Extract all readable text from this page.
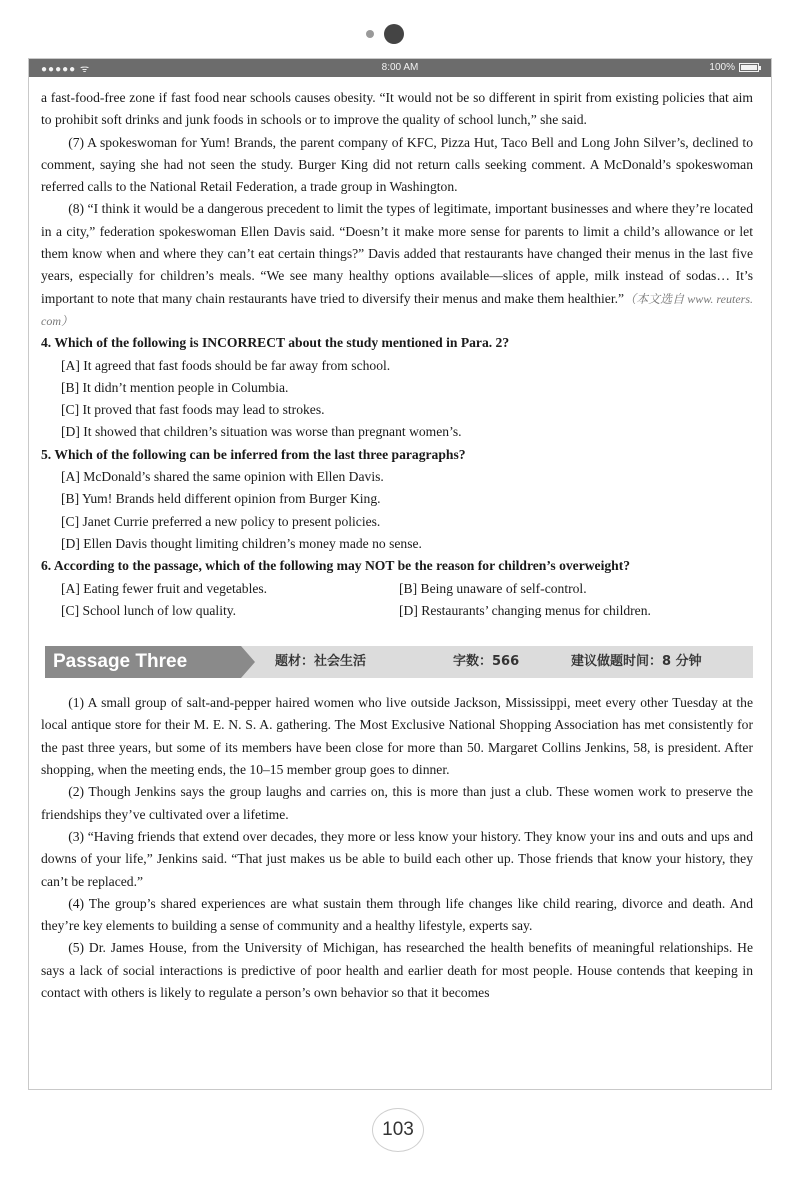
●●●●● ᯤ	8:00 AM	100%

a fast-food-free zone if fast food near schools causes obesity. “It would not be so different in spirit from existing policies that aim to prohibit soft drinks and junk foods in schools or to improve the quality of school lunch,” she said.

(7) A spokeswoman for Yum! Brands, the parent company of KFC, Pizza Hut, Taco Bell and Long John Silver’s, declined to comment, saying she had not seen the study. Burger King did not return calls seeking comment. A McDonald’s spokeswoman referred calls to the National Retail Federation, a trade group in Washington.

(8) “I think it would be a dangerous precedent to limit the types of legitimate, important businesses and where they’re located in a city,” federation spokeswoman Ellen Davis said. “Doesn’t it make more sense for parents to limit a child’s allowance or let them know when and where they can’t eat certain things?” Davis added that restaurants have changed their menus in the last five years, especially for children’s meals. “We see many healthy options available—slices of apple, milk instead of sodas… It’s important to note that many chain restaurants have tried to diversify their menus and make them healthier.”（本文选自 www. reuters. com）

4. Which of the following is INCORRECT about the study mentioned in Para. 2?
[A] It agreed that fast foods should be far away from school.
[B] It didn’t mention people in Columbia.
[C] It proved that fast foods may lead to strokes.
[D] It showed that children’s situation was worse than pregnant women’s.
5. Which of the following can be inferred from the last three paragraphs?
[A] McDonald’s shared the same opinion with Ellen Davis.
[B] Yum! Brands held different opinion from Burger King.
[C] Janet Currie preferred a new policy to present policies.
[D] Ellen Davis thought limiting children’s money made no sense.
6. According to the passage, which of the following may NOT be the reason for children’s overweight?
[A] Eating fewer fruit and vegetables.	[B] Being unaware of self-control.
[C] School lunch of low quality.	[D] Restaurants’ changing menus for children.
Passage Three	题材：社会生活	字数：566	建议做题时间：8 分钟

(1) A small group of salt-and-pepper haired women who live outside Jackson, Mississippi, meet every other Tuesday at the local antique store for their M. E. N. S. A. gathering. The Most Exclusive National Shopping Association has met consistently for the past three years, but some of its members have been close for more than 50. Margaret Collins Jenkins, 58, is president. After shopping, when the meeting ends, the 10–15 member group goes to dinner.

(2) Though Jenkins says the group laughs and carries on, this is more than just a club. These women work to preserve the friendships they’ve cultivated over a lifetime.

(3) “Having friends that extend over decades, they more or less know your history. They know your ins and outs and ups and downs of your life,” Jenkins said. “That just makes us be able to build each other up. Those friends that know your history, they can’t be replaced.”

(4) The group’s shared experiences are what sustain them through life changes like child rearing, divorce and death. And they’re key elements to building a sense of community and a healthy lifestyle, experts say.

(5) Dr. James House, from the University of Michigan, has researched the health benefits of meaningful relationships. He says a lack of social interactions is predictive of poor health and earlier death for most people. House contends that keeping in contact with others is likely to regulate a person’s own behavior so that it becomes

103
